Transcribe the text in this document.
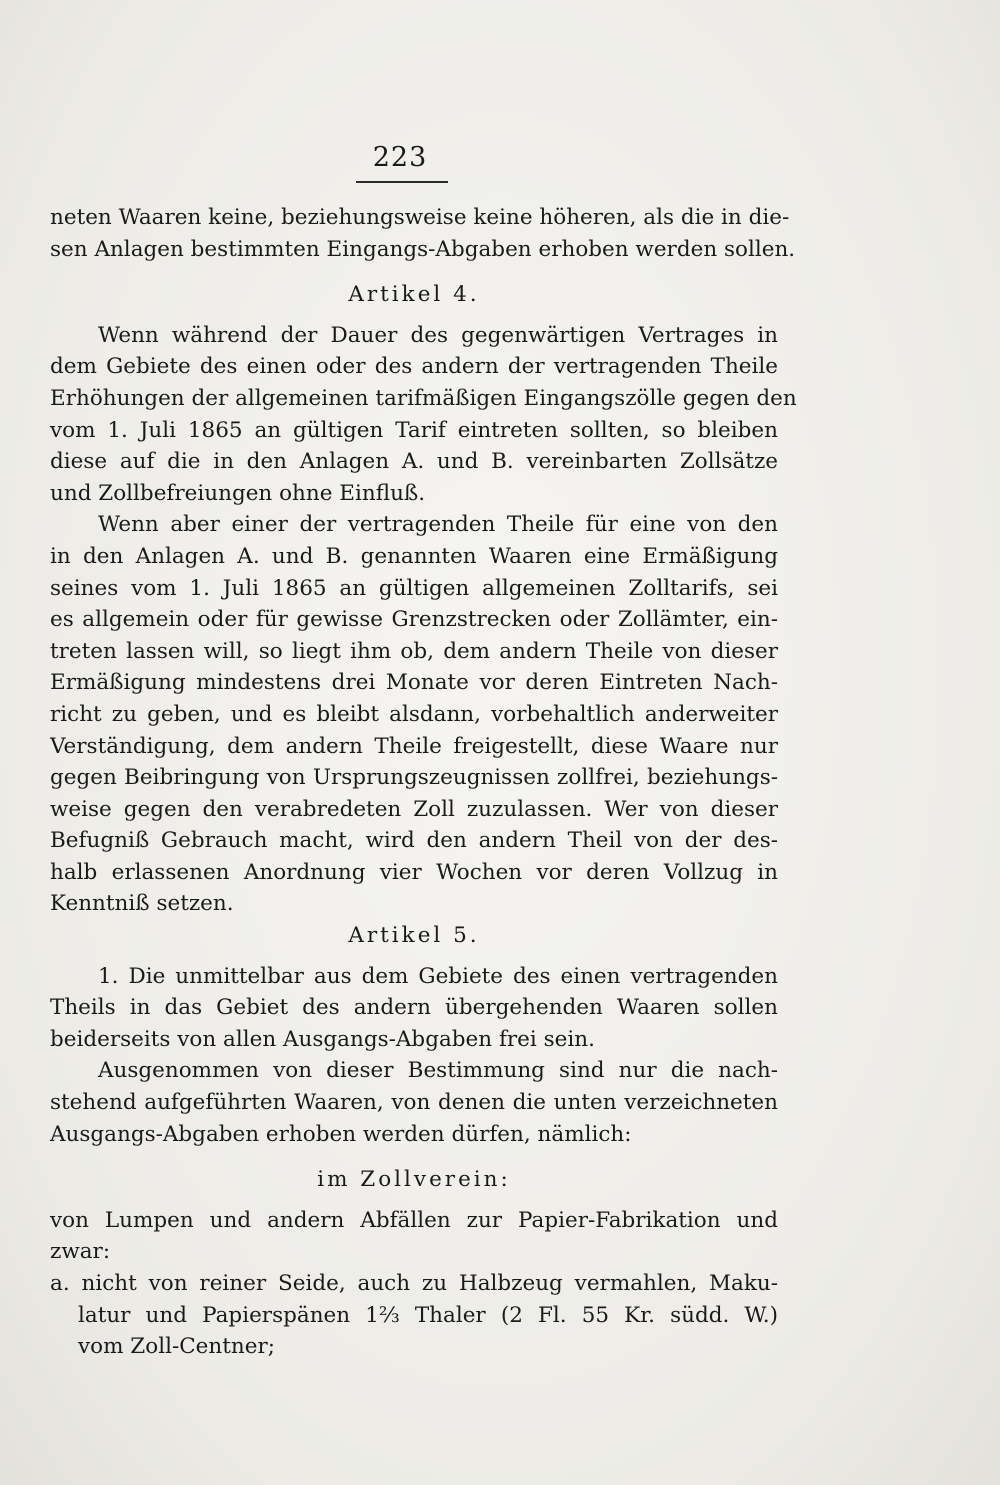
223
neten Waaren keine, beziehungsweise keine höheren, als die in die-
sen Anlagen bestimmten Eingangs-Abgaben erhoben werden sollen.
Artikel 4.
Wenn während der Dauer des gegenwärtigen Vertrages in
dem Gebiete des einen oder des andern der vertragenden Theile
Erhöhungen der allgemeinen tarifmäßigen Eingangszölle gegen den
vom 1. Juli 1865 an gültigen Tarif eintreten sollten, so bleiben
diese auf die in den Anlagen A. und B. vereinbarten Zollsätze
und Zollbefreiungen ohne Einfluß.
Wenn aber einer der vertragenden Theile für eine von den
in den Anlagen A. und B. genannten Waaren eine Ermäßigung
seines vom 1. Juli 1865 an gültigen allgemeinen Zolltarifs, sei
es allgemein oder für gewisse Grenzstrecken oder Zollämter, ein-
treten lassen will, so liegt ihm ob, dem andern Theile von dieser
Ermäßigung mindestens drei Monate vor deren Eintreten Nach-
richt zu geben, und es bleibt alsdann, vorbehaltlich anderweiter
Verständigung, dem andern Theile freigestellt, diese Waare nur
gegen Beibringung von Ursprungszeugnissen zollfrei, beziehungs-
weise gegen den verabredeten Zoll zuzulassen. Wer von dieser
Befugniß Gebrauch macht, wird den andern Theil von der des-
halb erlassenen Anordnung vier Wochen vor deren Vollzug in
Kenntniß setzen.
Artikel 5.
1. Die unmittelbar aus dem Gebiete des einen vertragenden
Theils in das Gebiet des andern übergehenden Waaren sollen
beiderseits von allen Ausgangs-Abgaben frei sein.
Ausgenommen von dieser Bestimmung sind nur die nach-
stehend aufgeführten Waaren, von denen die unten verzeichneten
Ausgangs-Abgaben erhoben werden dürfen, nämlich:
im Zollverein:
von Lumpen und andern Abfällen zur Papier-Fabrikation und
zwar:
a. nicht von reiner Seide, auch zu Halbzeug vermahlen, Maku-
latur und Papierspänen 1⅔ Thaler (2 Fl. 55 Kr. südd. W.)
vom Zoll-Centner;
